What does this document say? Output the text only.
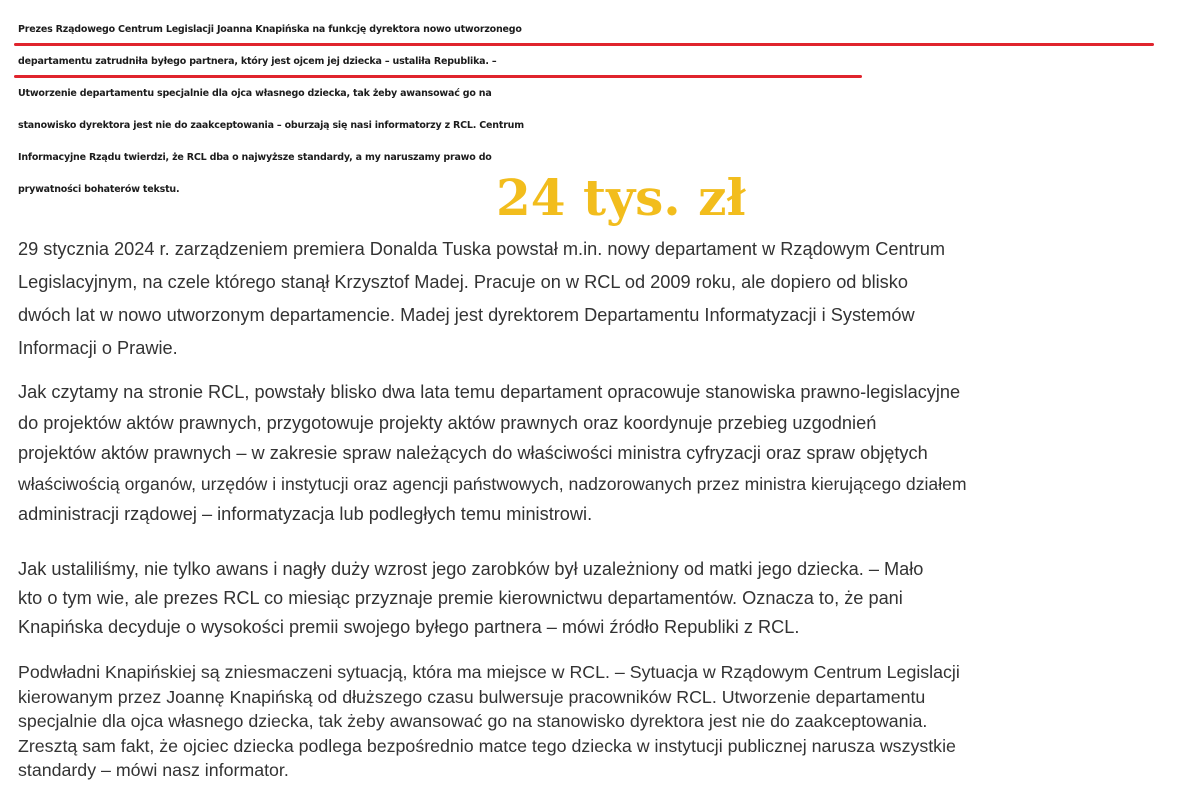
Prezes Rządowego Centrum Legislacji Joanna Knapińska na funkcję dyrektora nowo utworzonego
departamentu zatrudniła byłego partnera, który jest ojcem jej dziecka – ustaliła Republika. –
Utworzenie departamentu specjalnie dla ojca własnego dziecka, tak żeby awansować go na
stanowisko dyrektora jest nie do zaakceptowania – oburzają się nasi informatorzy z RCL. Centrum
Informacyjne Rządu twierdzi, że RCL dba o najwyższe standardy, a my naruszamy prawo do
prywatności bohaterów tekstu.	24 tys. zł

29 stycznia 2024 r. zarządzeniem premiera Donalda Tuska powstał m.in. nowy departament w Rządowym Centrum
Legislacyjnym, na czele którego stanął Krzysztof Madej. Pracuje on w RCL od 2009 roku, ale dopiero od blisko
dwóch lat w nowo utworzonym departamencie. Madej jest dyrektorem Departamentu Informatyzacji i Systemów
Informacji o Prawie.

Jak czytamy na stronie RCL, powstały blisko dwa lata temu departament opracowuje stanowiska prawno-legislacyjne
do projektów aktów prawnych, przygotowuje projekty aktów prawnych oraz koordynuje przebieg uzgodnień
projektów aktów prawnych – w zakresie spraw należących do właściwości ministra cyfryzacji oraz spraw objętych
właściwością organów, urzędów i instytucji oraz agencji państwowych, nadzorowanych przez ministra kierującego działem
administracji rządowej – informatyzacja lub podległych temu ministrowi.

Jak ustaliliśmy, nie tylko awans i nagły duży wzrost jego zarobków był uzależniony od matki jego dziecka. – Mało
kto o tym wie, ale prezes RCL co miesiąc przyznaje premie kierownictwu departamentów. Oznacza to, że pani
Knapińska decyduje o wysokości premii swojego byłego partnera – mówi źródło Republiki z RCL.

Podwładni Knapińskiej są zniesmaczeni sytuacją, która ma miejsce w RCL. – Sytuacja w Rządowym Centrum Legislacji
kierowanym przez Joannę Knapińską od dłuższego czasu bulwersuje pracowników RCL. Utworzenie departamentu
specjalnie dla ojca własnego dziecka, tak żeby awansować go na stanowisko dyrektora jest nie do zaakceptowania.
Zresztą sam fakt, że ojciec dziecka podlega bezpośrednio matce tego dziecka w instytucji publicznej narusza wszystkie
standardy – mówi nasz informator.
